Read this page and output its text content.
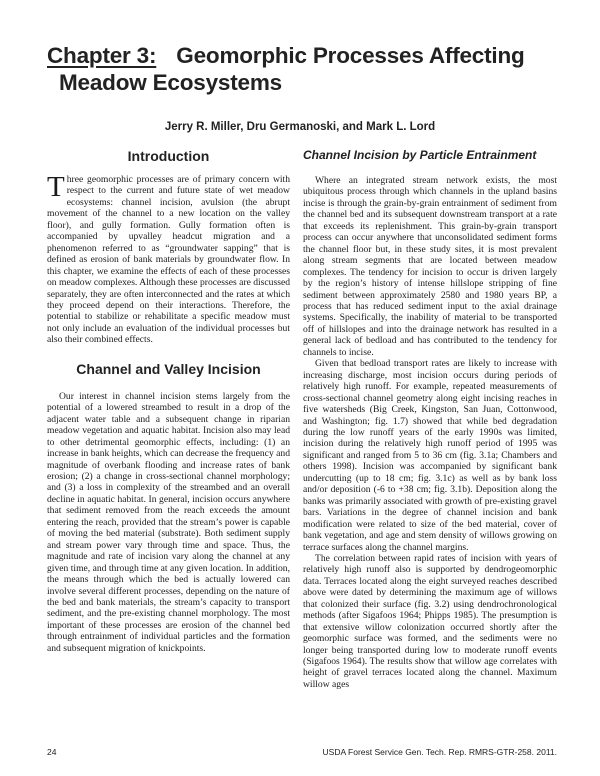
Chapter 3: Geomorphic Processes Affecting
Meadow Ecosystems
Jerry R. Miller, Dru Germanoski, and Mark L. Lord
Introduction

Three geomorphic processes are of primary concern with respect to the current and future state of wet meadow ecosystems: channel incision, avulsion (the abrupt movement of the channel to a new location on the valley floor), and gully formation. Gully formation often is accompanied by upvalley headcut migration and a phenomenon referred to as “groundwater sapping” that is defined as erosion of bank materials by groundwater flow. In this chapter, we examine the effects of each of these processes on meadow complexes. Although these processes are discussed separately, they are often interconnected and the rates at which they proceed depend on their interactions. Therefore, the potential to stabilize or rehabilitate a specific meadow must not only include an evaluation of the individual processes but also their combined effects.

Channel and Valley Incision

Our interest in channel incision stems largely from the potential of a lowered streambed to result in a drop of the adjacent water table and a subsequent change in riparian meadow vegetation and aquatic habitat. Incision also may lead to other detrimental geomorphic effects, including: (1) an increase in bank heights, which can decrease the frequency and magnitude of overbank flooding and increase rates of bank erosion; (2) a change in cross-sectional channel morphology; and (3) a loss in complexity of the streambed and an overall decline in aquatic habitat. In general, incision occurs anywhere that sediment removed from the reach exceeds the amount entering the reach, provided that the stream’s power is capable of moving the bed material (substrate). Both sediment supply and stream power vary through time and space. Thus, the magnitude and rate of incision vary along the channel at any given time, and through time at any given location. In addition, the means through which the bed is actually lowered can involve several different processes, depending on the nature of the bed and bank materials, the stream’s capacity to transport sediment, and the pre-existing channel morphology. The most important of these processes are erosion of the channel bed through entrainment of individual particles and the formation and subsequent migration of knickpoints.

Channel Incision by Particle Entrainment

Where an integrated stream network exists, the most ubiquitous process through which channels in the upland basins incise is through the grain-by-grain entrainment of sediment from the channel bed and its subsequent downstream transport at a rate that exceeds its replenishment. This grain-by-grain transport process can occur anywhere that unconsolidated sediment forms the channel floor but, in these study sites, it is most prevalent along stream segments that are located between meadow complexes. The tendency for incision to occur is driven largely by the region’s history of intense hillslope stripping of fine sediment between approximately 2580 and 1980 years BP, a process that has reduced sediment input to the axial drainage systems. Specifically, the inability of material to be transported off of hillslopes and into the drainage network has resulted in a general lack of bedload and has contributed to the tendency for channels to incise.

Given that bedload transport rates are likely to increase with increasing discharge, most incision occurs during periods of relatively high runoff. For example, repeated measurements of cross-sectional channel geometry along eight incising reaches in five watersheds (Big Creek, Kingston, San Juan, Cottonwood, and Washington; fig. 1.7) showed that while bed degradation during the low runoff years of the early 1990s was limited, incision during the relatively high runoff period of 1995 was significant and ranged from 5 to 36 cm (fig. 3.1a; Chambers and others 1998). Incision was accompanied by significant bank undercutting (up to 18 cm; fig. 3.1c) as well as by bank loss and/or deposition (-6 to +38 cm; fig. 3.1b). Deposition along the banks was primarily associated with growth of pre-existing gravel bars. Variations in the degree of channel incision and bank modification were related to size of the bed material, cover of bank vegetation, and age and stem density of willows growing on terrace surfaces along the channel margins.

The correlation between rapid rates of incision with years of relatively high runoff also is supported by dendrogeomorphic data. Terraces located along the eight surveyed reaches described above were dated by determining the maximum age of willows that colonized their surface (fig. 3.2) using dendrochronological methods (after Sigafoos 1964; Phipps 1985). The presumption is that extensive willow colonization occurred shortly after the geomorphic surface was formed, and the sediments were no longer being transported during low to moderate runoff events (Sigafoos 1964). The results show that willow age correlates with height of gravel terraces located along the channel. Maximum willow ages

24	USDA Forest Service Gen. Tech. Rep. RMRS-GTR-258. 2011.
